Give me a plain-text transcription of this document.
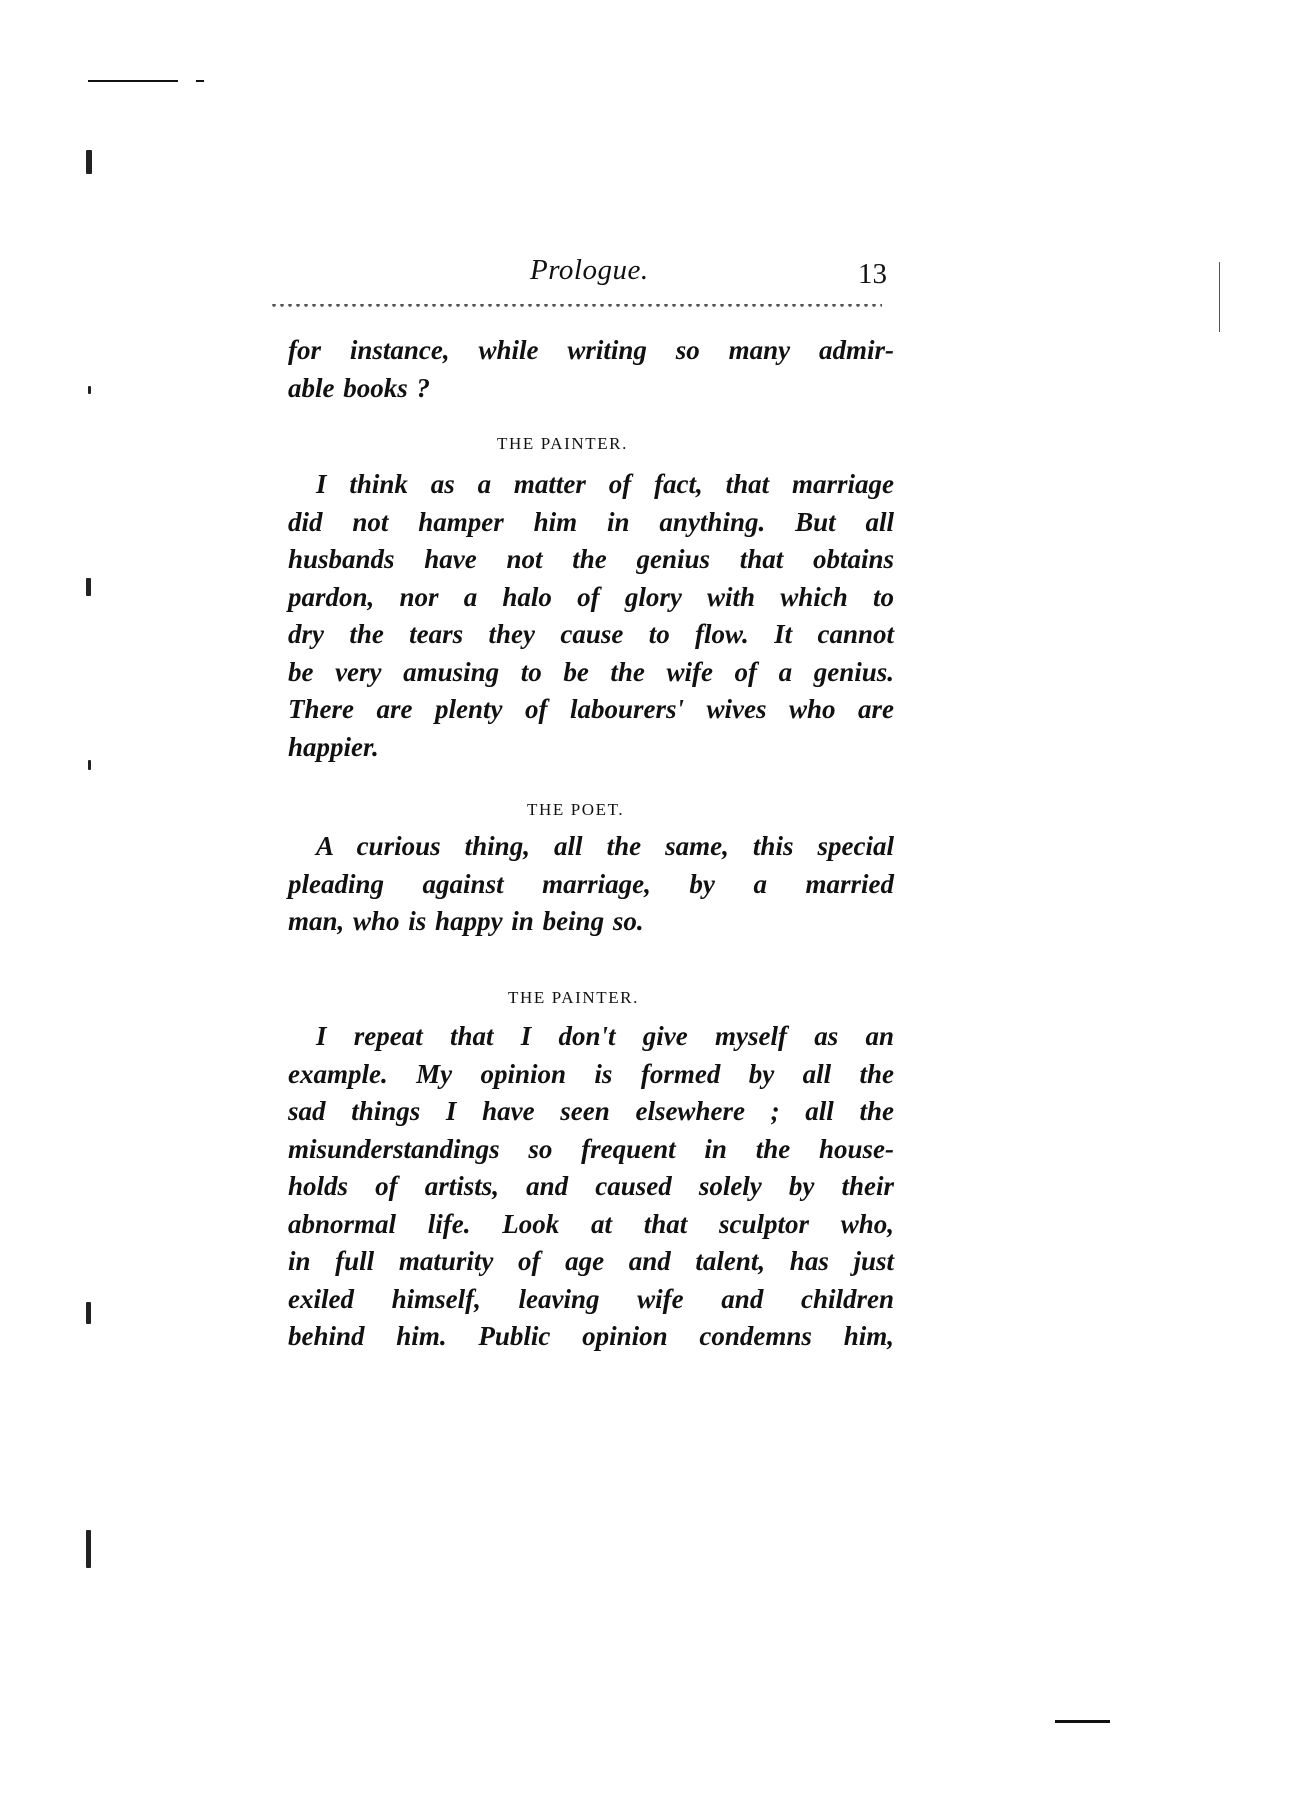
Prologue.	13

for instance, while writing so many admir-
able books ?

THE PAINTER.

I think as a matter of fact, that marriage
did not hamper him in anything. But all
husbands have not the genius that obtains
pardon, nor a halo of glory with which to
dry the tears they cause to flow. It cannot
be very amusing to be the wife of a genius.
There are plenty of labourers' wives who are
happier.

THE POET.

A curious thing, all the same, this special
pleading against marriage, by a married
man, who is happy in being so.

THE PAINTER.

I repeat that I don't give myself as an
example. My opinion is formed by all the
sad things I have seen elsewhere ; all the
misunderstandings so frequent in the house-
holds of artists, and caused solely by their
abnormal life. Look at that sculptor who,
in full maturity of age and talent, has just
exiled himself, leaving wife and children
behind him. Public opinion condemns him,
